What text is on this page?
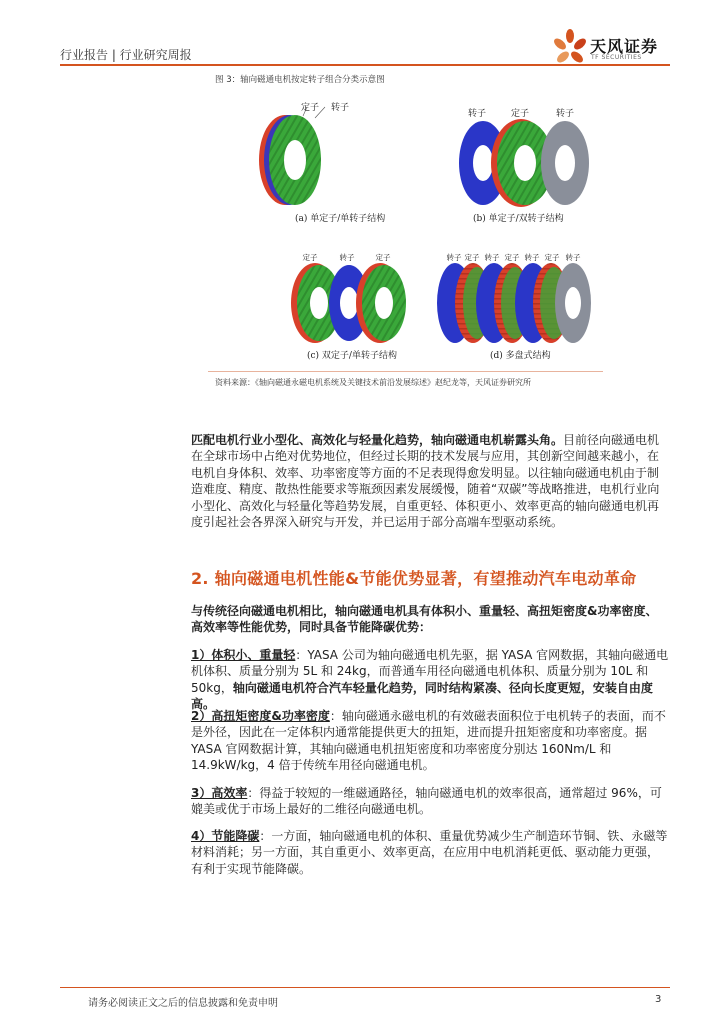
行业报告 | 行业研究周报	天风证券
TF SECURITIES
图 3：轴向磁通电机按定转子组合分类示意图
定子 转子
(a) 单定子/单转子结构
转子	定子	转子
(b) 单定子/双转子结构
定子	转子	定子
(c) 双定子/单转子结构
转子 定子 转子 定子 转子 定子 转子
(d) 多盘式结构
资料来源：《轴向磁通永磁电机系统及关键技术前沿发展综述》赵纪龙等，天风证券研究所
匹配电机行业小型化、高效化与轻量化趋势，轴向磁通电机崭露头角。目前径向磁通电机在全球市场中占绝对优势地位，但经过长期的技术发展与应用，其创新空间越来越小，在电机自身体积、效率、功率密度等方面的不足表现得愈发明显。以往轴向磁通电机由于制造难度、精度、散热性能要求等瓶颈因素发展缓慢，随着“双碳”等战略推进，电机行业向小型化、高效化与轻量化等趋势发展，自重更轻、体积更小、效率更高的轴向磁通电机再度引起社会各界深入研究与开发，并已运用于部分高端车型驱动系统。
2. 轴向磁通电机性能&节能优势显著，有望推动汽车电动革命
与传统径向磁通电机相比，轴向磁通电机具有体积小、重量轻、高扭矩密度&功率密度、高效率等性能优势，同时具备节能降碳优势：
1）体积小、重量轻：YASA 公司为轴向磁通电机先驱，据 YASA 官网数据，其轴向磁通电机体积、质量分别为 5L 和 24kg，而普通车用径向磁通电机体积、质量分别为 10L 和 50kg，轴向磁通电机符合汽车轻量化趋势，同时结构紧凑、径向长度更短，安装自由度高。
2）高扭矩密度&功率密度：轴向磁通永磁电机的有效磁表面积位于电机转子的表面，而不是外径，因此在一定体积内通常能提供更大的扭矩，进而提升扭矩密度和功率密度。据 YASA 官网数据计算，其轴向磁通电机扭矩密度和功率密度分别达 160Nm/L 和 14.9kW/kg，4 倍于传统车用径向磁通电机。
3）高效率：得益于较短的一维磁通路径，轴向磁通电机的效率很高，通常超过 96%，可媲美或优于市场上最好的二维径向磁通电机。
4）节能降碳：一方面，轴向磁通电机的体积、重量优势减少生产制造环节铜、铁、永磁等材料消耗；另一方面，其自重更小、效率更高，在应用中电机消耗更低、驱动能力更强，有利于实现节能降碳。
请务必阅读正文之后的信息披露和免责申明	3
